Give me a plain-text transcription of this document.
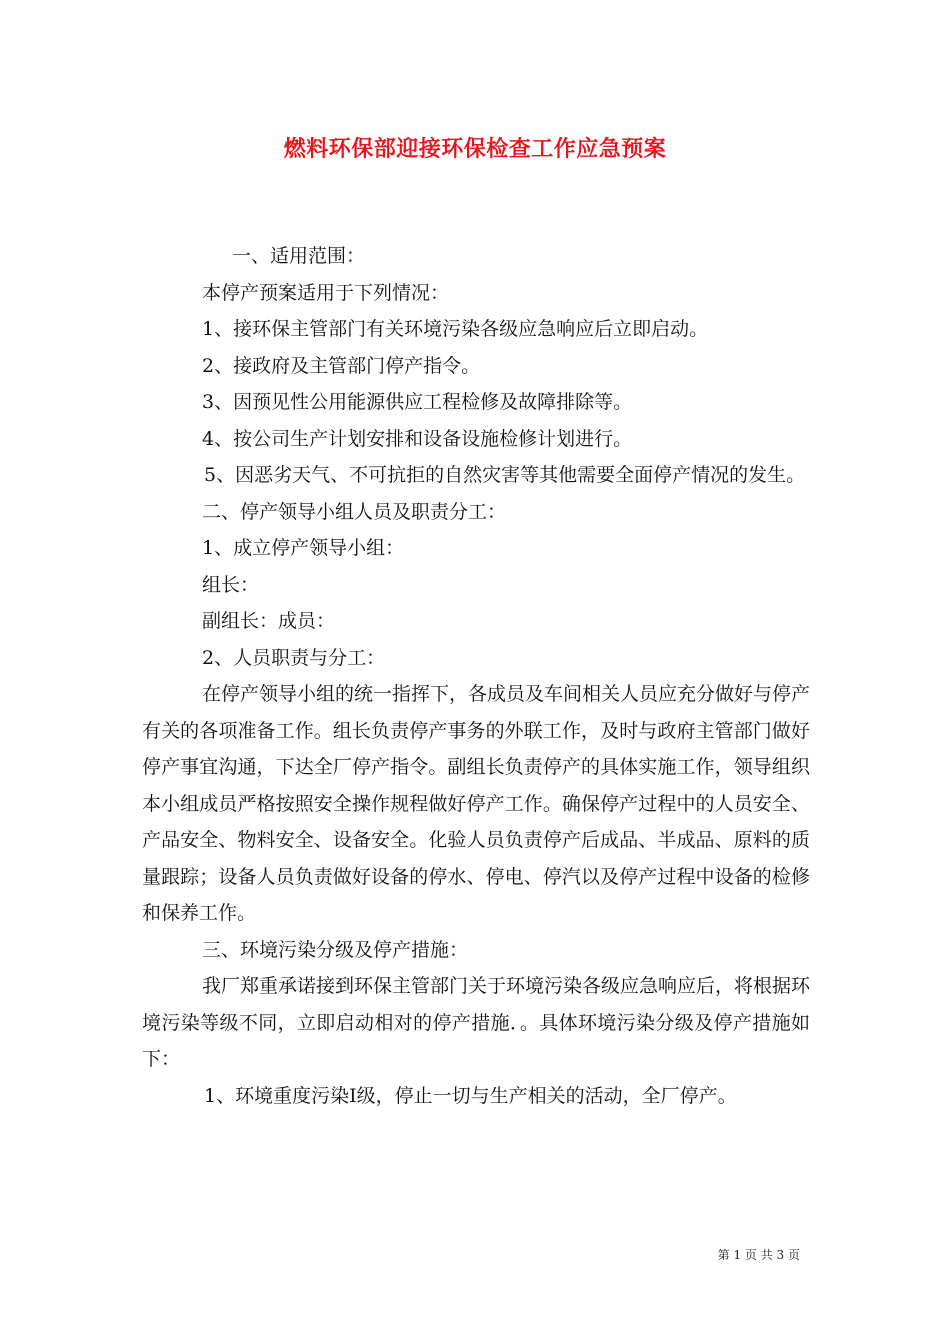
燃料环保部迎接环保检查工作应急预案

一、适用范围：

本停产预案适用于下列情况：

1、接环保主管部门有关环境污染各级应急响应后立即启动。

2、接政府及主管部门停产指令。

3、因预见性公用能源供应工程检修及故障排除等。

4、按公司生产计划安排和设备设施检修计划进行。

5、因恶劣天气、不可抗拒的自然灾害等其他需要全面停产情况的发生。

二、停产领导小组人员及职责分工：

1、成立停产领导小组：

组长：

副组长：成员：

2、人员职责与分工：

在停产领导小组的统一指挥下，各成员及车间相关人员应充分做好与停产有关的各项准备工作。组长负责停产事务的外联工作，及时与政府主管部门做好停产事宜沟通，下达全厂停产指令。副组长负责停产的具体实施工作，领导组织本小组成员严格按照安全操作规程做好停产工作。确保停产过程中的人员安全、产品安全、物料安全、设备安全。化验人员负责停产后成品、半成品、原料的质量跟踪；设备人员负责做好设备的停水、停电、停汽以及停产过程中设备的检修和保养工作。

三、环境污染分级及停产措施：

我厂郑重承诺接到环保主管部门关于环境污染各级应急响应后，将根据环境污染等级不同，立即启动相对的停产措施．。具体环境污染分级及停产措施如下：

1、环境重度污染Ⅰ级，停止一切与生产相关的活动，全厂停产。

第 1 页 共 3 页
